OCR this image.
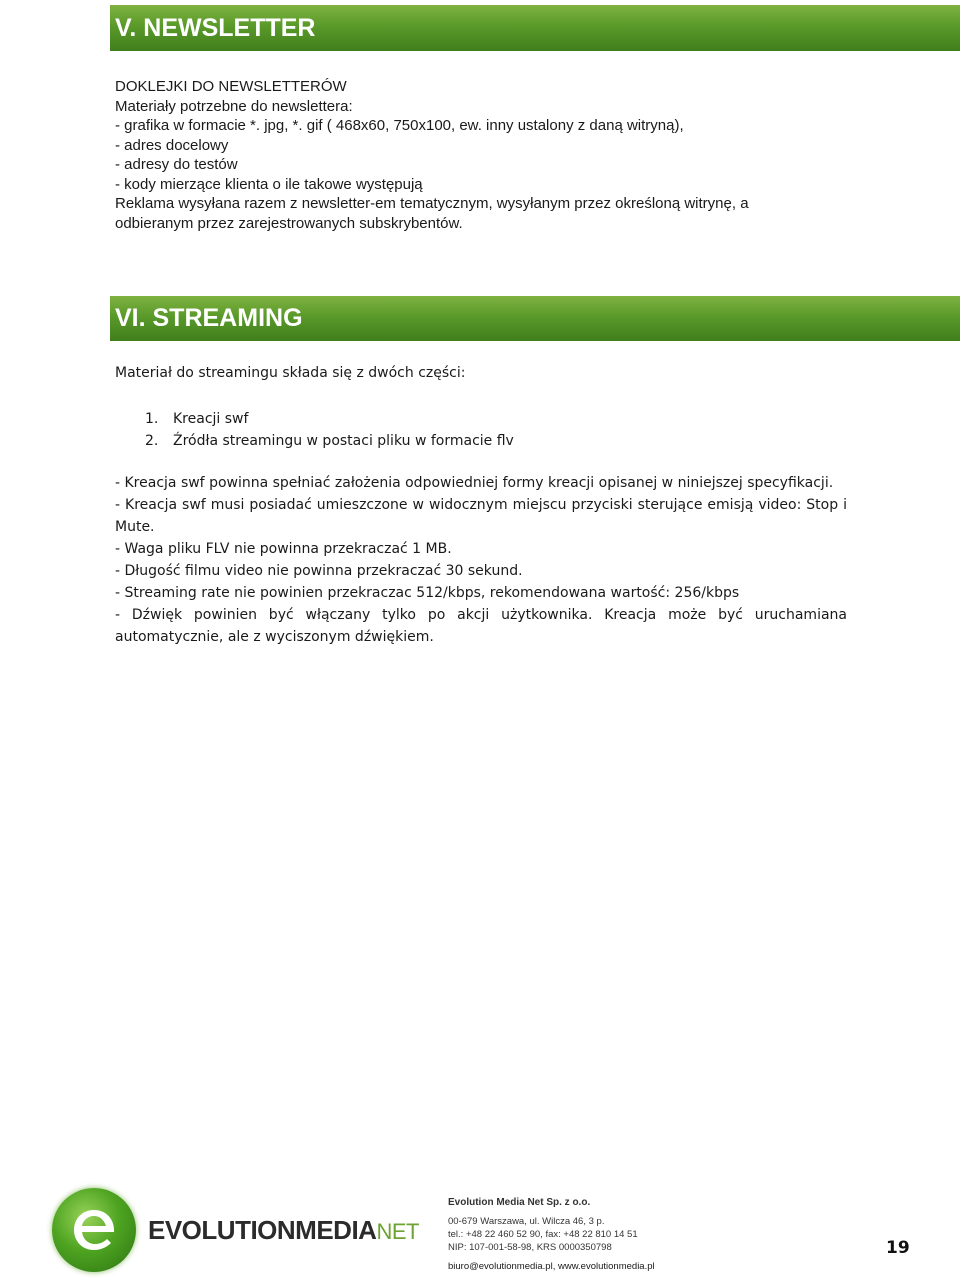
V. NEWSLETTER
DOKLEJKI DO NEWSLETTERÓW
Materiały potrzebne do newslettera:
- grafika w formacie *. jpg, *. gif ( 468x60, 750x100, ew. inny ustalony z daną witryną),
- adres docelowy
- adresy do testów
- kody mierzące klienta o ile takowe występują
Reklama wysyłana razem z newsletter-em tematycznym, wysyłanym przez określoną witrynę, a
odbieranym przez zarejestrowanych subskrybentów.
VI. STREAMING
Materiał do streamingu składa się z dwóch części:
1. Kreacji swf
2. Źródła streamingu w postaci pliku w formacie flv
- Kreacja swf powinna spełniać założenia odpowiedniej formy kreacji opisanej w niniejszej specyfikacji.
- Kreacja swf musi posiadać umieszczone w widocznym miejscu przyciski sterujące emisją video: Stop i Mute.
- Waga pliku FLV nie powinna przekraczać 1 MB.
- Długość filmu video nie powinna przekraczać 30 sekund.
- Streaming rate nie powinien przekraczac 512/kbps, rekomendowana wartość: 256/kbps
- Dźwięk powinien być włączany tylko po akcji użytkownika. Kreacja może być uruchamiana automatycznie, ale z wyciszonym dźwiękiem.
EVOLUTIONMEDIANET
Evolution Media Net Sp. z o.o.
00-679 Warszawa, ul. Wilcza 46, 3 p.
tel.: +48 22 460 52 90, fax: +48 22 810 14 51
NIP: 107-001-58-98, KRS 0000350798
biuro@evolutionmedia.pl, www.evolutionmedia.pl
19
